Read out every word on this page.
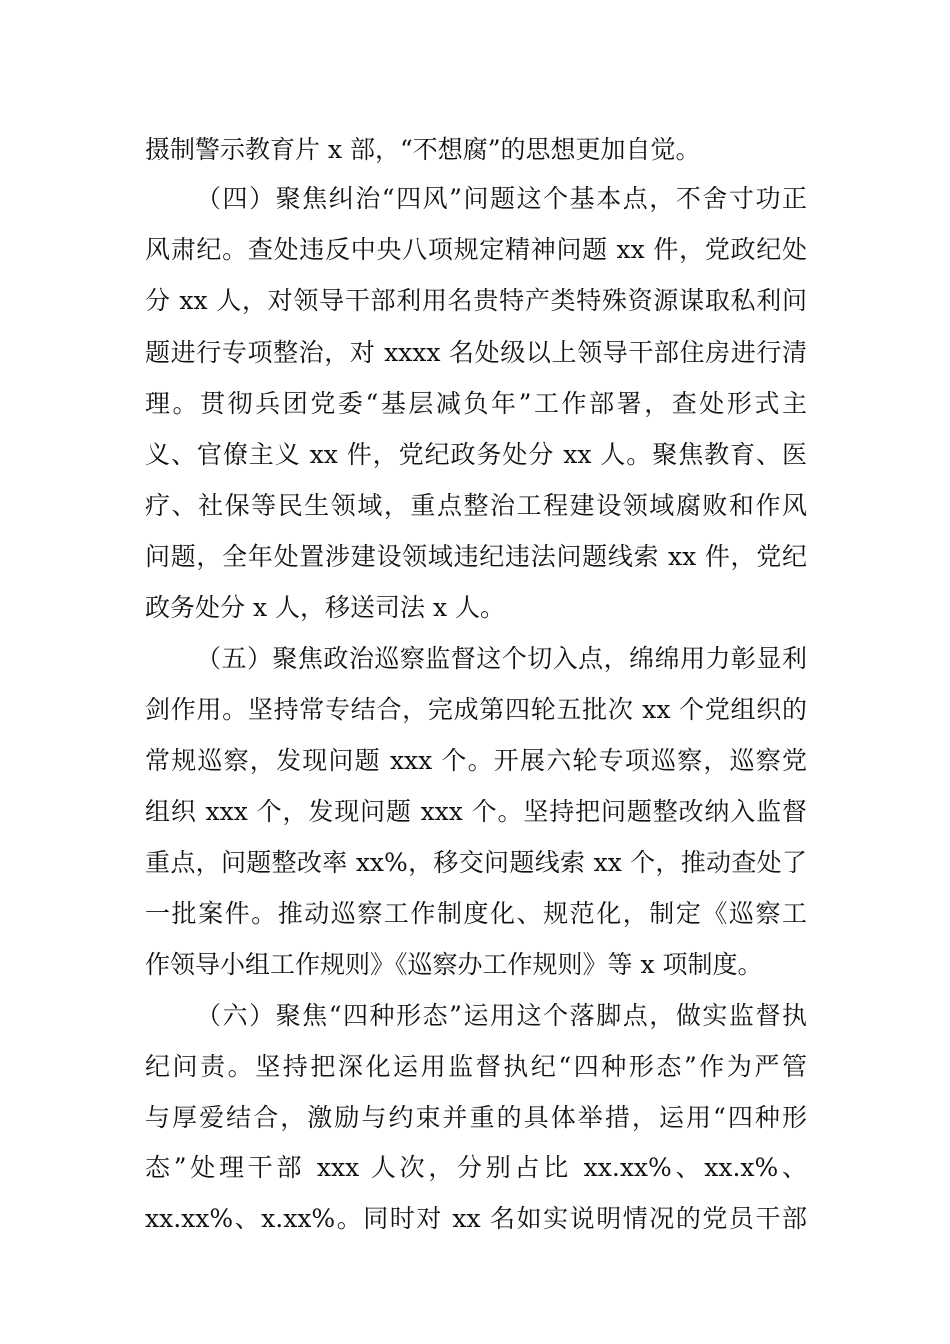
摄制警示教育片 x 部，“不想腐”的思想更加自觉。
（四）聚焦纠治“四风”问题这个基本点，不舍寸功正
风肃纪。查处违反中央八项规定精神问题 xx 件，党政纪处
分 xx 人，对领导干部利用名贵特产类特殊资源谋取私利问
题进行专项整治，对 xxxx 名处级以上领导干部住房进行清
理。贯彻兵团党委“基层减负年”工作部署，查处形式主
义、官僚主义 xx 件，党纪政务处分 xx 人。聚焦教育、医
疗、社保等民生领域，重点整治工程建设领域腐败和作风
问题，全年处置涉建设领域违纪违法问题线索 xx 件，党纪
政务处分 x 人，移送司法 x 人。
（五）聚焦政治巡察监督这个切入点，绵绵用力彰显利
剑作用。坚持常专结合，完成第四轮五批次 xx 个党组织的
常规巡察，发现问题 xxx 个。开展六轮专项巡察，巡察党
组织 xxx 个，发现问题 xxx 个。坚持把问题整改纳入监督
重点，问题整改率 xx%，移交问题线索 xx 个，推动查处了
一批案件。推动巡察工作制度化、规范化，制定《巡察工
作领导小组工作规则》《巡察办工作规则》等 x 项制度。
（六）聚焦“四种形态”运用这个落脚点，做实监督执
纪问责。坚持把深化运用监督执纪“四种形态”作为严管
与厚爱结合，激励与约束并重的具体举措，运用“四种形
态”处理干部 xxx 人次，分别占比 xx.xx%、xx.x%、
xx.xx%、x.xx%。同时对 xx 名如实说明情况的党员干部
